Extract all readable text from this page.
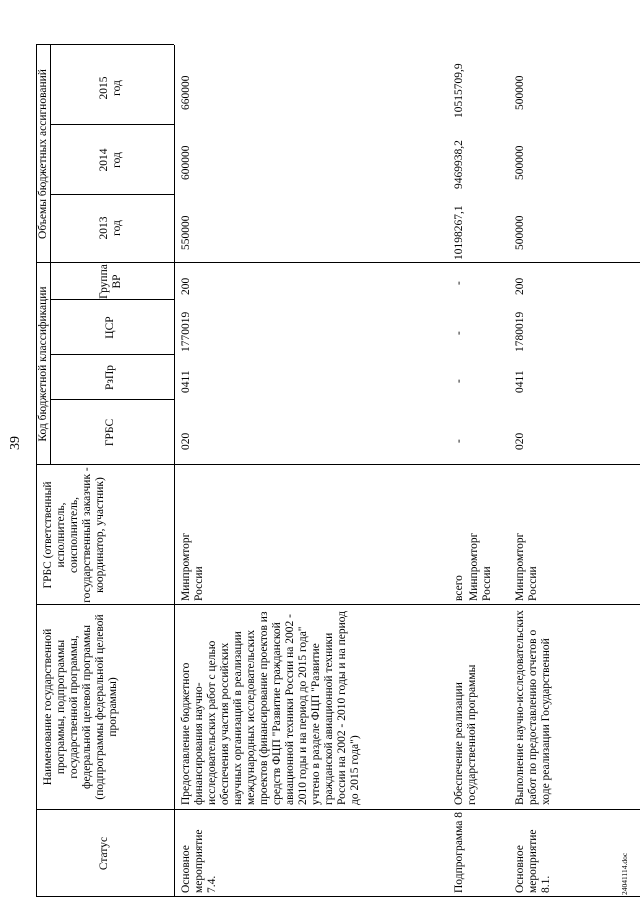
39
Статус
Наименование государственной программы, подпрограммы государственной программы, федеральной целевой программы (подпрограммы федеральной целевой программы)
ГРБС (ответственный исполнитель, соисполнитель, государственный заказчик - координатор, участник)
Код бюджетной классификации	ГРБС
РзПр
ЦСР
Группа ВР
Объемы бюджетных ассигнований	2013 год
2014 год
2015 год
Основное мероприятие 7.4.
Предоставление бюджетного финансирования научно-исследовательских работ с целью обеспечения участия российских научных организаций в реализации международных исследовательских проектов (финансирование проектов из средств ФЦП "Развитие гражданской авиационной техники России на 2002 - 2010 годы и на период до 2015 года" учтено в разделе ФЦП "Развитие гражданской авиационной техники России на 2002 - 2010 годы и на период до 2015 года")
Минпромторг России
020
0411
1770019
200
550000
600000
660000
Подпрограмма 8
Обеспечение реализации государственной программы
всего Минпромторг России
-
-
-
-
10198267,1
9469938,2
10515709,9
Основное мероприятие 8.1.
Выполнение научно-исследовательских работ по предоставлению отчетов о ходе реализации Государственной
Минпромторг России
020
0411
1780019
200
500000
500000
500000
24041114.doc
